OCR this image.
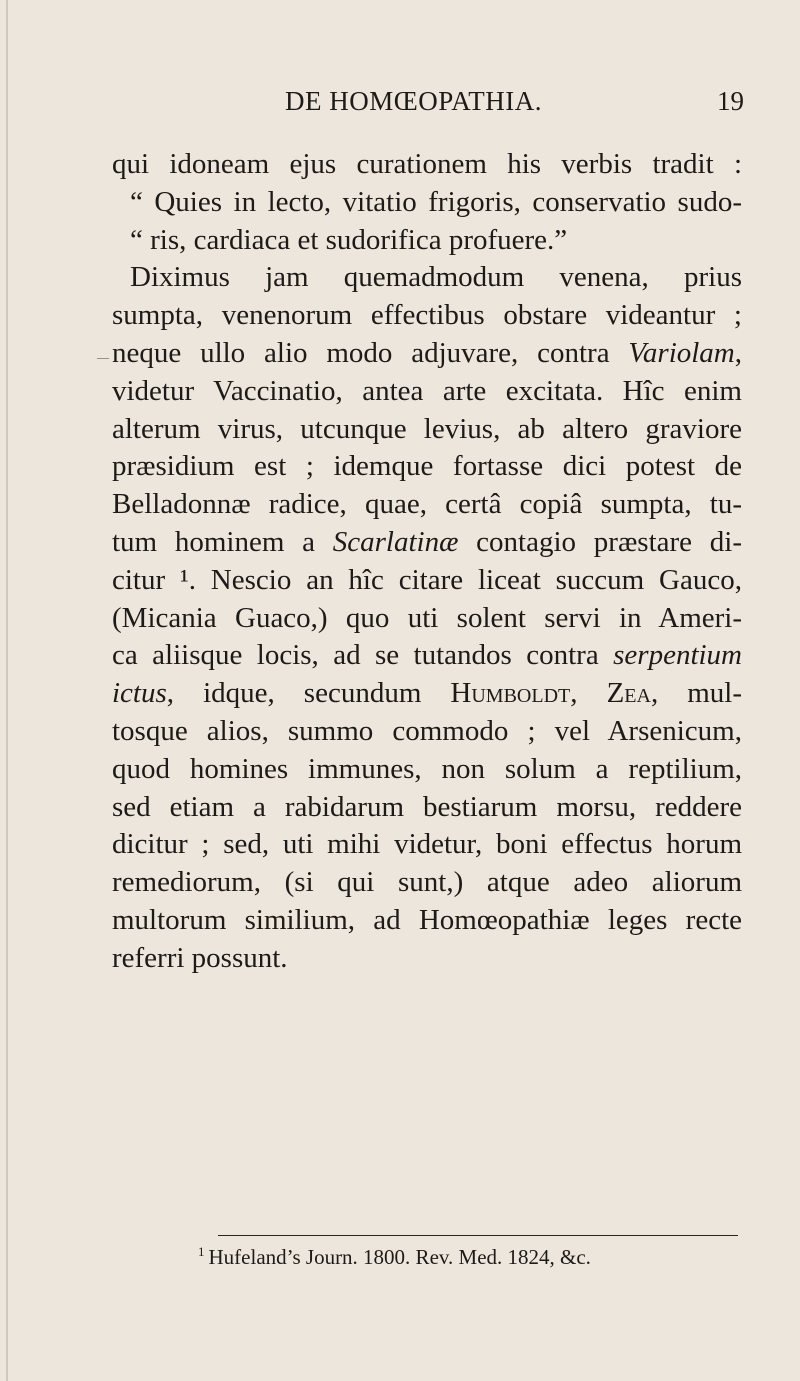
DE HOMŒOPATHIA.	19
qui idoneam ejus curationem his verbis tradit :
“ Quies in lecto, vitatio frigoris, conservatio sudo-
“ ris, cardiaca et sudorifica profuere.”
Diximus jam quemadmodum venena, prius
sumpta, venenorum effectibus obstare videantur ;
neque ullo alio modo adjuvare, contra Variolam,
videtur Vaccinatio, antea arte excitata. Hîc enim
alterum virus, utcunque levius, ab altero graviore
præsidium est ; idemque fortasse dici potest de
Belladonnæ radice, quae, certâ copiâ sumpta, tu-
tum hominem a Scarlatinæ contagio præstare di-
citur ¹. Nescio an hîc citare liceat succum Gauco,
(Micania Guaco,) quo uti solent servi in Ameri-
ca aliisque locis, ad se tutandos contra serpentium
ictus, idque, secundum Humboldt, Zea, mul-
tosque alios, summo commodo ; vel Arsenicum,
quod homines immunes, non solum a reptilium,
sed etiam a rabidarum bestiarum morsu, reddere
dicitur ; sed, uti mihi videtur, boni effectus horum
remediorum, (si qui sunt,) atque adeo aliorum
multorum similium, ad Homœopathiæ leges recte
referri possunt.
$^1$ Hufeland’s Journ. 1800. Rev. Med. 1824, &c.
